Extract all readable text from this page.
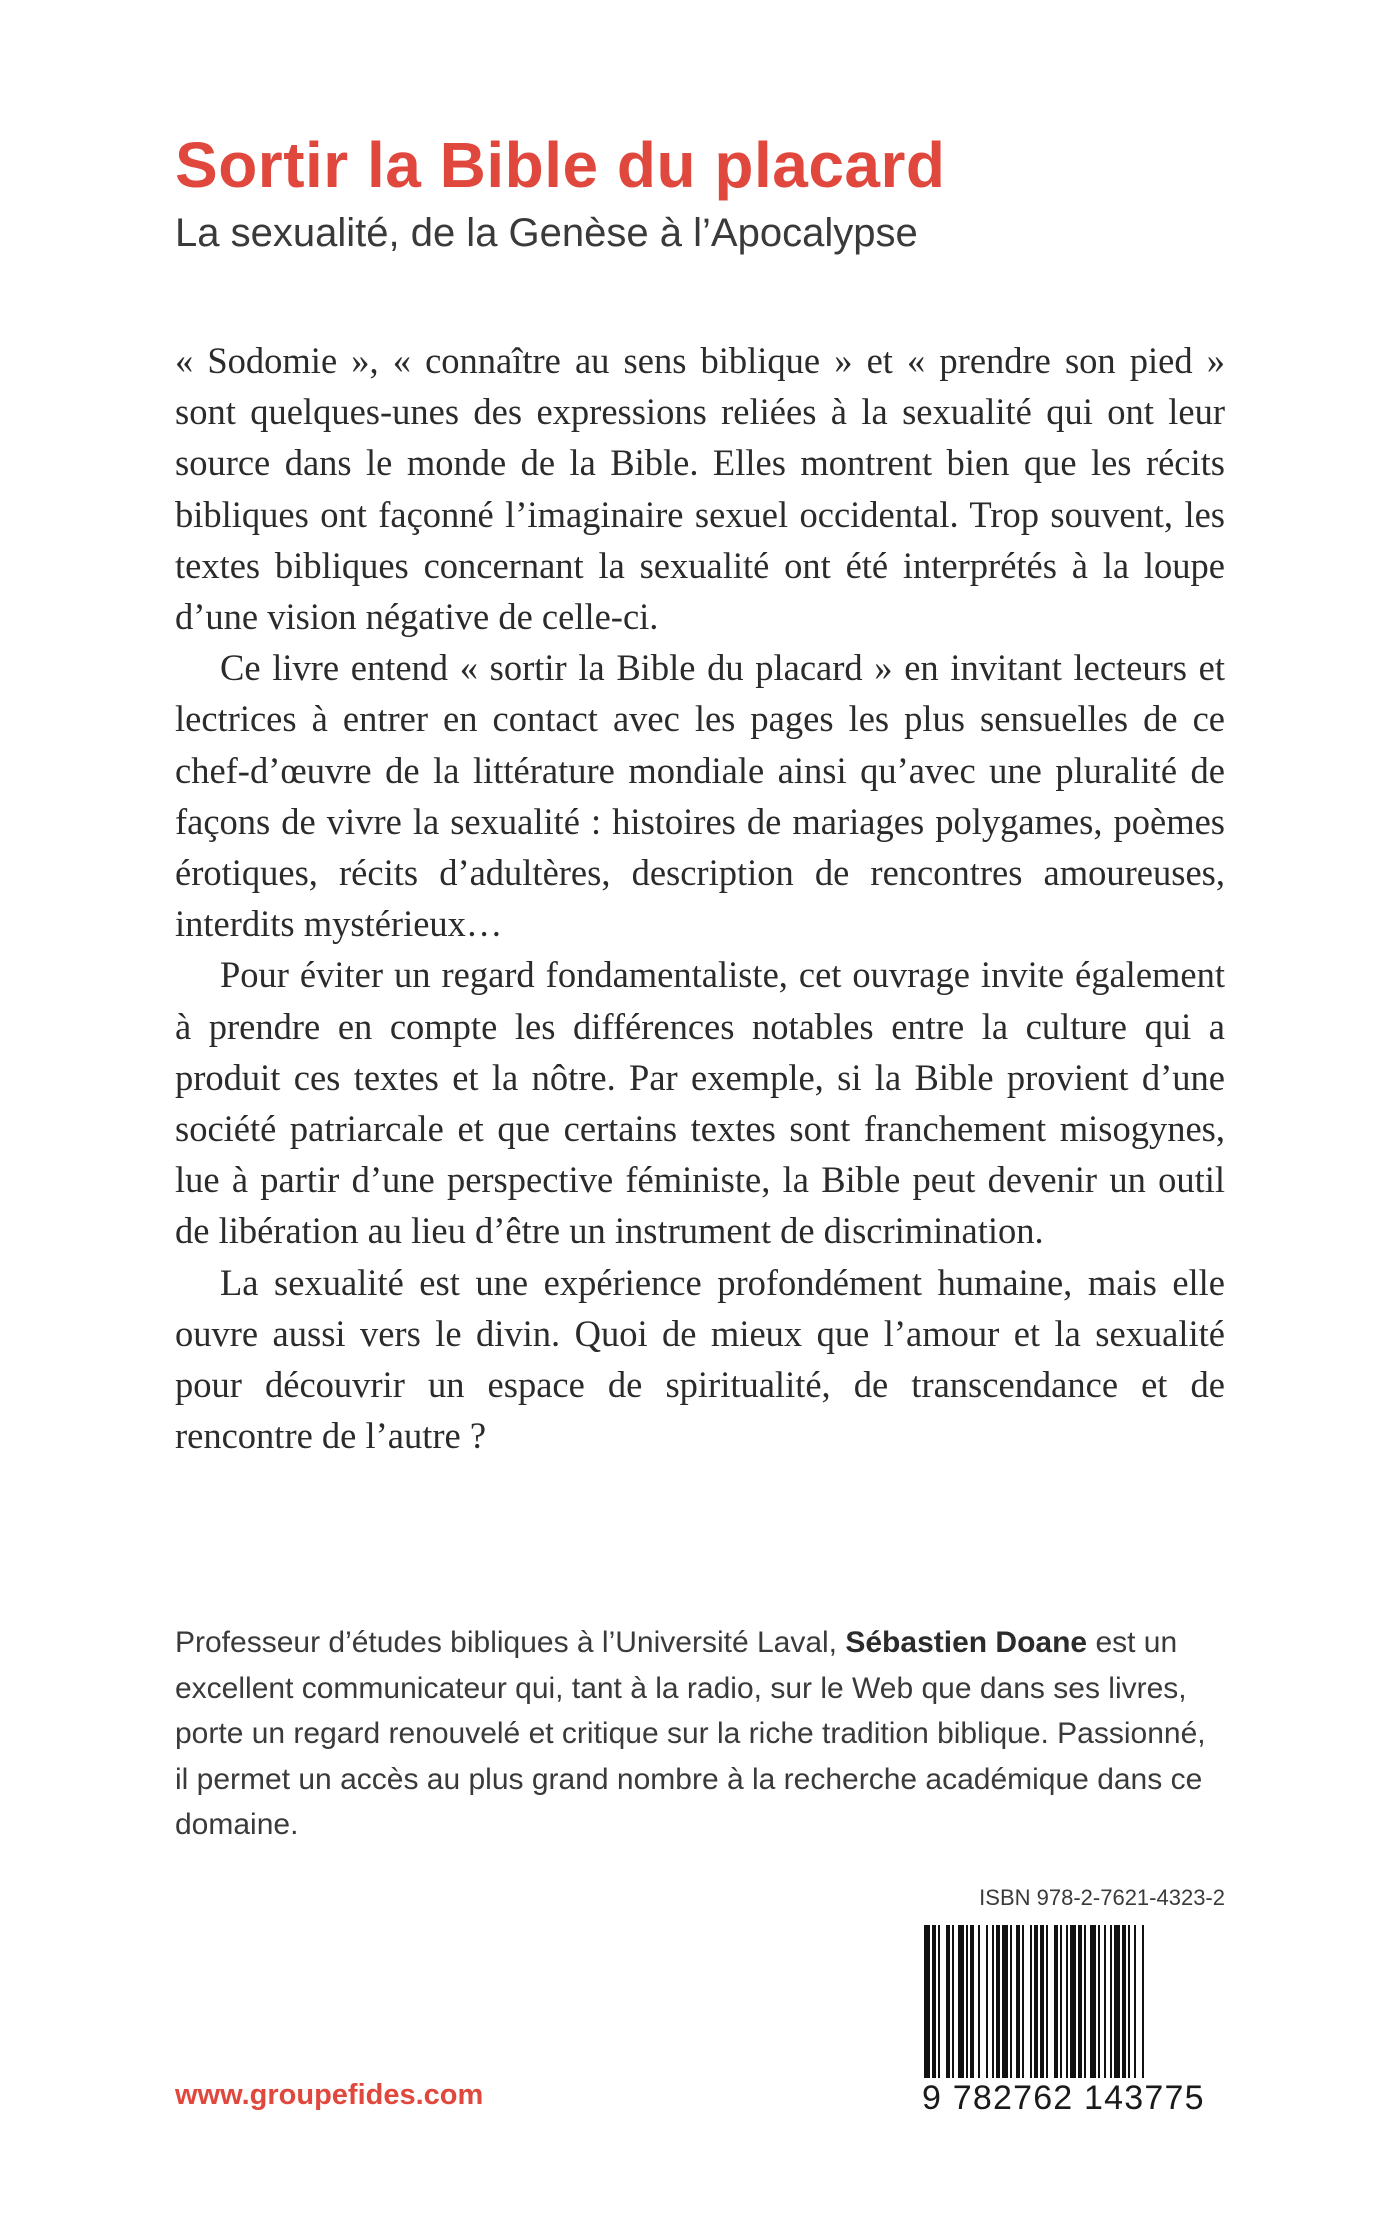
Sortir la Bible du placard
La sexualité, de la Genèse à l’Apocalypse

« Sodomie », « connaître au sens biblique » et « prendre son pied » sont quelques-unes des expressions reliées à la sexualité qui ont leur source dans le monde de la Bible. Elles montrent bien que les récits bibliques ont façonné l’imaginaire sexuel occidental. Trop souvent, les textes bibliques concernant la sexualité ont été interprétés à la loupe d’une vision négative de celle-ci.

Ce livre entend « sortir la Bible du placard » en invitant lecteurs et lectrices à entrer en contact avec les pages les plus sensuelles de ce chef-d’œuvre de la littérature mondiale ainsi qu’avec une pluralité de façons de vivre la sexualité : histoires de mariages polygames, poèmes érotiques, récits d’adultères, description de rencontres amoureuses, interdits mystérieux…

Pour éviter un regard fondamentaliste, cet ouvrage invite également à prendre en compte les différences notables entre la culture qui a produit ces textes et la nôtre. Par exemple, si la Bible provient d’une société patriarcale et que certains textes sont franchement misogynes, lue à partir d’une perspective féministe, la Bible peut devenir un outil de libération au lieu d’être un instrument de discrimination.

La sexualité est une expérience profondément humaine, mais elle ouvre aussi vers le divin. Quoi de mieux que l’amour et la sexualité pour découvrir un espace de spiritualité, de transcendance et de rencontre de l’autre ?

Professeur d’études bibliques à l’Université Laval, Sébastien Doane est un excellent communicateur qui, tant à la radio, sur le Web que dans ses livres, porte un regard renouvelé et critique sur la riche tradition biblique. Passionné, il permet un accès au plus grand nombre à la recherche académique dans ce domaine.

ISBN 978-2-7621-4323-2
9 782762 143775
www.groupefides.com
